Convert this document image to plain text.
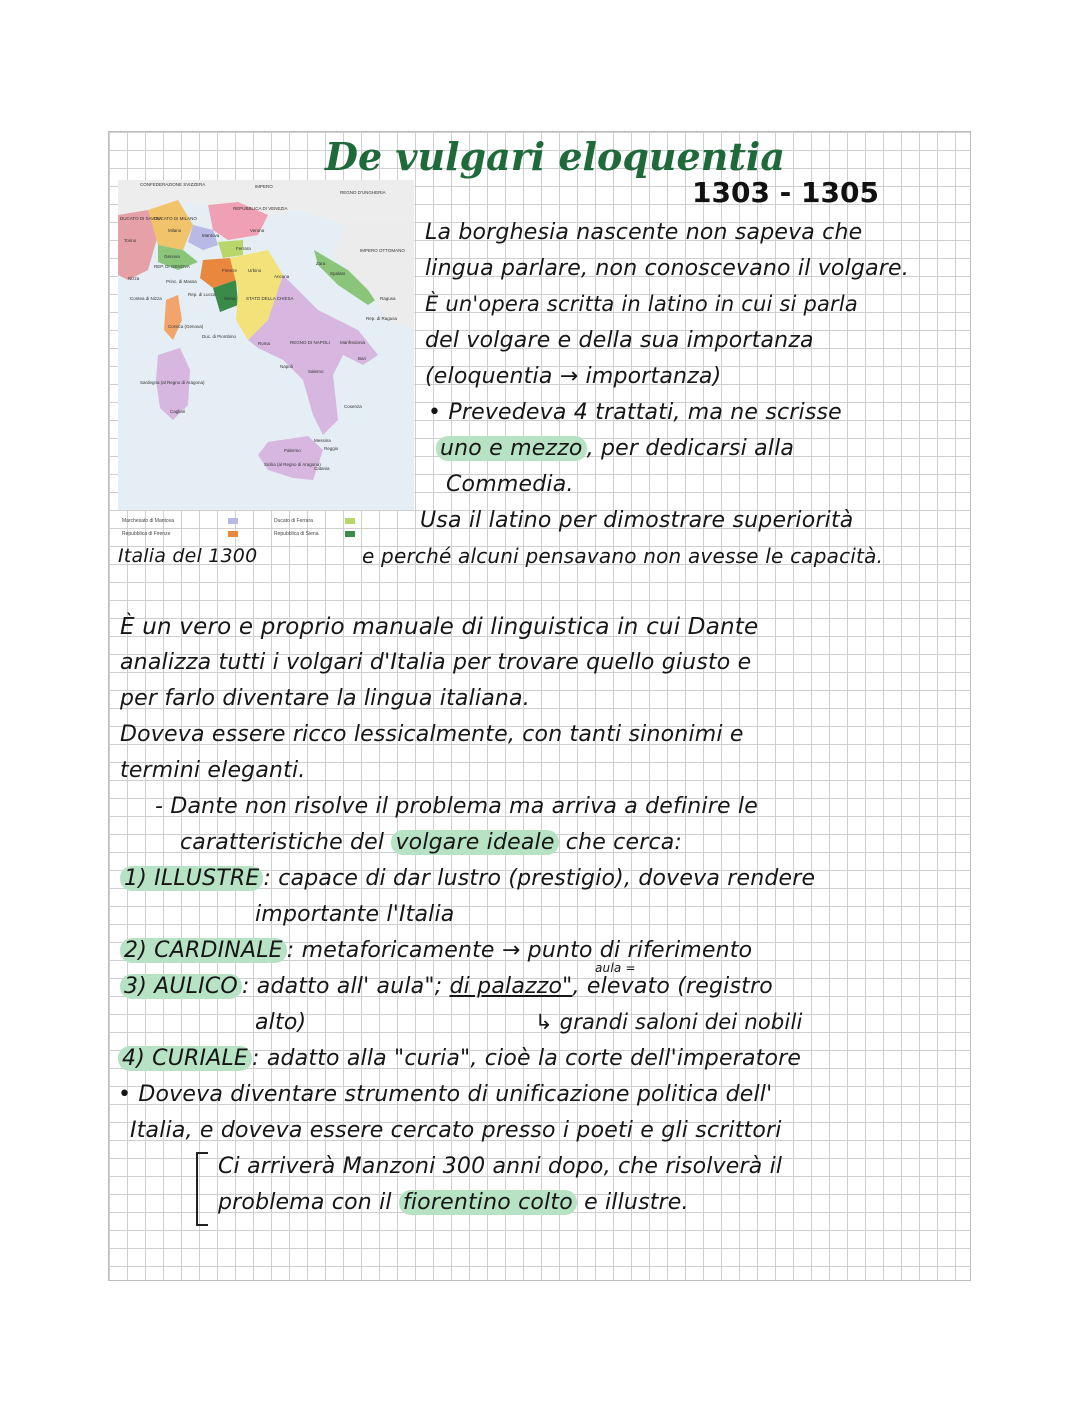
De vulgari eloquentia
1303 - 1305
CONFEDERAZIONE SVIZZERA	IMPERO
REGNO D'UNGHERIA
DUCATO DI SAVOIA
DUCATO DI MILANO
Milano
Mantova
REPUBBLICA DI VENEZIA
Verona
Zara
Torino
Genova
REP. DI GENOVA
Ferrara	IMPERO OTTOMANO
Nizza
Princ. di Massa
Firenze Urbino
Ancona
Spalato
Ragusa
Contea di Nizza
Rep. di Lucca
Siena STATO DELLA CHIESA
Rep. di Ragusa
Corsica (Genova)
Duc. di Piombino
Roma	REGNO DI NAPOLI Manfredonia
Bari
Napoli
Salerno
Sardegna (al Regno di Aragona)
Cagliari
Cosenza
Messina
Reggio
Palermo
Sicilia (al Regno di Aragona)
Catania
Marchesato di Mantova
Repubblica di Firenze
Ducato di Ferrara
Repubblica di Siena
Italia del 1300
La borghesia nascente non sapeva che
lingua parlare, non conoscevano il volgare.
È un'opera scritta in latino in cui si parla
del volgare e della sua importanza
(eloquentia → importanza)
• Prevedeva 4 trattati, ma ne scrisse
uno e mezzo , per dedicarsi alla
Commedia.
Usa il latino per dimostrare superiorità
e perché alcuni pensavano non avesse le capacità.
È un vero e proprio manuale di linguistica in cui Dante
analizza tutti i volgari d'Italia per trovare quello giusto e
per farlo diventare la lingua italiana.
Doveva essere ricco lessicalmente, con tanti sinonimi e
termini eleganti.
- Dante non risolve il problema ma arriva a definire le
caratteristiche del volgare ideale che cerca:
1) ILLUSTRE : capace di dar lustro (prestigio), doveva rendere
importante l'Italia
2) CARDINALE : metaforicamente → punto di riferimento
aula =
3) AULICO : adatto all' aula"; di palazzo", elevato (registro
alto)	↳ grandi saloni dei nobili
4) CURIALE : adatto alla "curia", cioè la corte dell'imperatore
• Doveva diventare strumento di unificazione politica dell'
Italia, e doveva essere cercato presso i poeti e gli scrittori
Ci arriverà Manzoni 300 anni dopo, che risolverà il
problema con il fiorentino colto e illustre.
